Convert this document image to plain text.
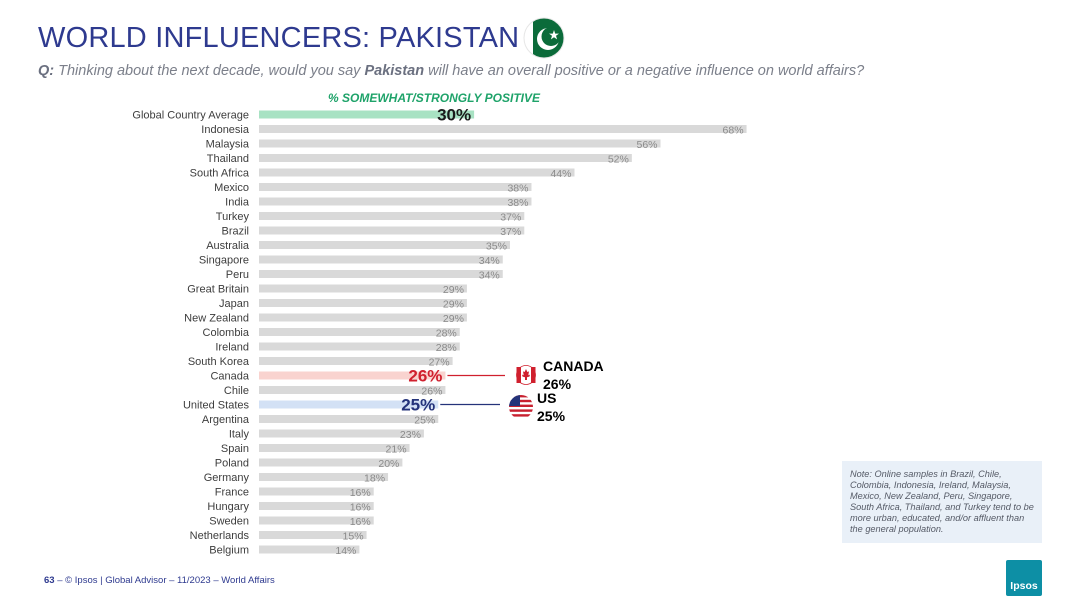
WORLD INFLUENCERS: PAKISTAN
Q: Thinking about the next decade, would you say Pakistan will have an overall positive or a negative influence on world affairs?
% SOMEWHAT/STRONGLY POSITIVE
Global Country Average	30%
Indonesia	68%
Malaysia	56%
Thailand	52%
South Africa	44%
Mexico	38%
India	38%
Turkey	37%
Brazil	37%
Australia	35%
Singapore	34%
Peru	34%
Great Britain	29%
Japan	29%
New Zealand	29%
Colombia	28%
Ireland	28%
South Korea	27%
Canada	26%
Chile	26%
United States	25%
Argentina	25%
Italy	23%
Spain	21%
Poland	20%
Germany	18%
France	16%
Hungary	16%
Sweden	16%
Netherlands	15%
Belgium	14%
CANADA
26%
US
25%
Note: Online samples in Brazil, Chile, Colombia, Indonesia, Ireland, Malaysia, Mexico, New Zealand, Peru, Singapore, South Africa, Thailand, and Turkey tend to be more urban, educated, and/or affluent than the general population.
63 – © Ipsos | Global Advisor – 11/2023 – World Affairs	Ipsos
